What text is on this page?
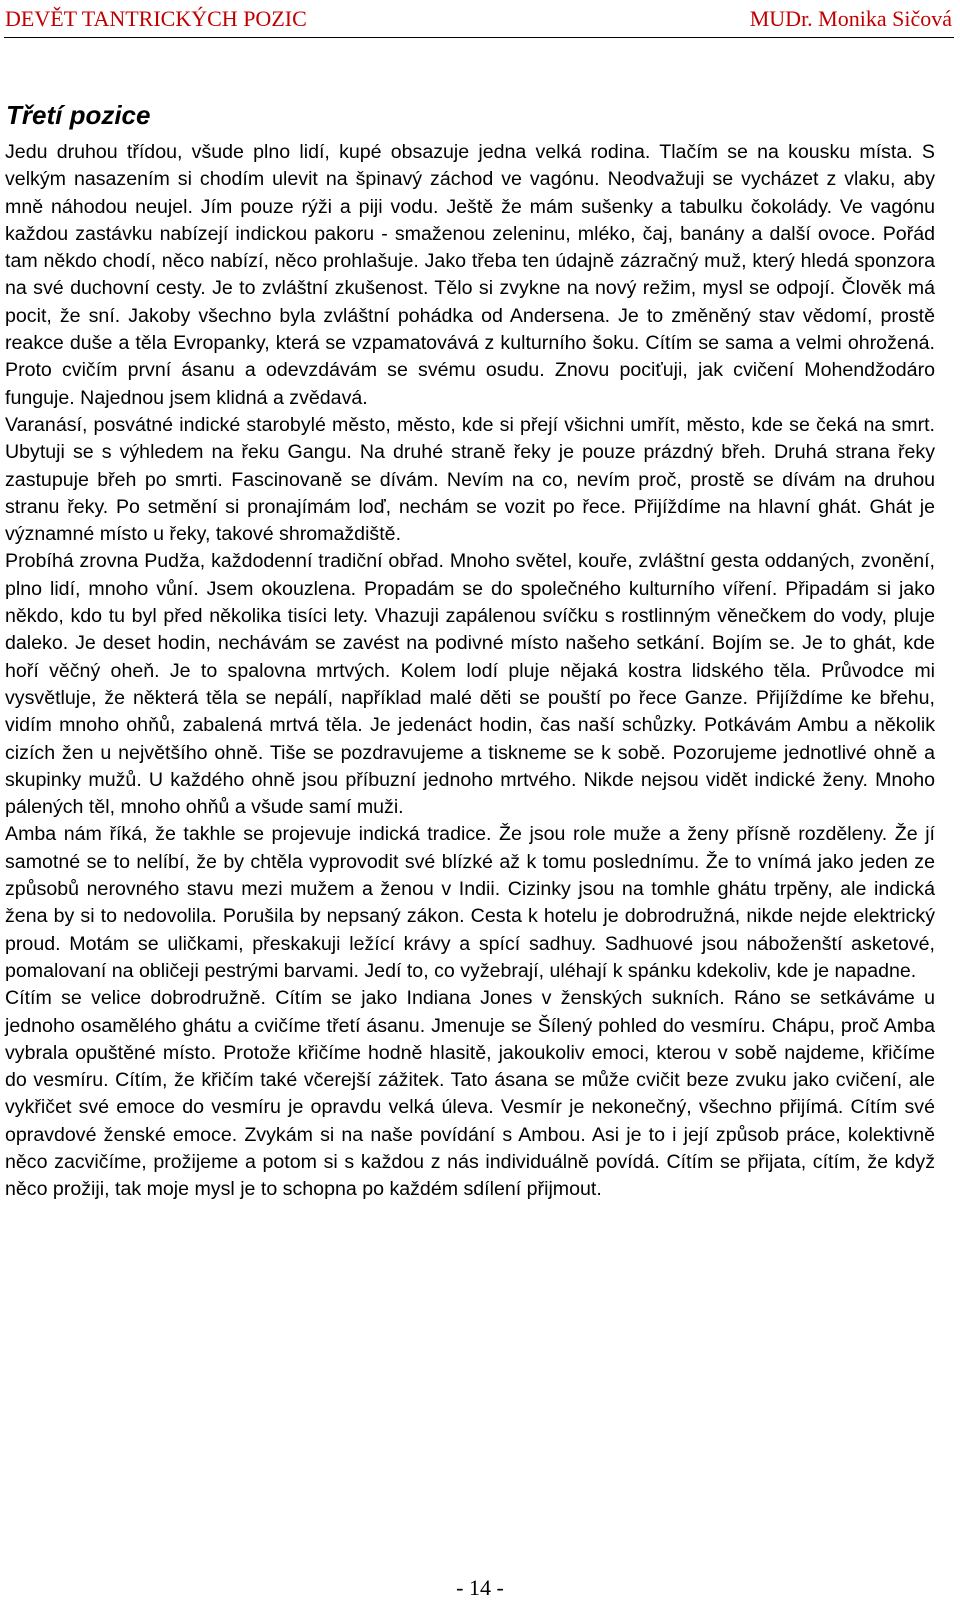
DEVĚT TANTRICKÝCH POZIC	MUDr. Monika Sičová
Třetí pozice

Jedu druhou třídou, všude plno lidí, kupé obsazuje jedna velká rodina. Tlačím se na kousku místa. S velkým nasazením si chodím ulevit na špinavý záchod ve vagónu. Neodvažuji se vycházet z vlaku, aby mně náhodou neujel. Jím pouze rýži a piji vodu. Ještě že mám sušenky a tabulku čokolády. Ve vagónu každou zastávku nabízejí indickou pakoru - smaženou zeleninu, mléko, čaj, banány a další ovoce. Pořád tam někdo chodí, něco nabízí, něco prohlašuje. Jako třeba ten údajně zázračný muž, který hledá sponzora na své duchovní cesty. Je to zvláštní zkušenost. Tělo si zvykne na nový režim, mysl se odpojí. Člověk má pocit, že sní. Jakoby všechno byla zvláštní pohádka od Andersena. Je to změněný stav vědomí, prostě reakce duše a těla Evropanky, která se vzpamatovává z kulturního šoku. Cítím se sama a velmi ohrožená. Proto cvičím první ásanu a odevzdávám se svému osudu. Znovu pociťuji, jak cvičení Mohendžodáro funguje. Najednou jsem klidná a zvědavá.

Varanásí, posvátné indické starobylé město, město, kde si přejí všichni umřít, město, kde se čeká na smrt. Ubytuji se s výhledem na řeku Gangu. Na druhé straně řeky je pouze prázdný břeh. Druhá strana řeky zastupuje břeh po smrti. Fascinovaně se dívám. Nevím na co, nevím proč, prostě se dívám na druhou stranu řeky. Po setmění si pronajímám loď, nechám se vozit po řece. Přijíždíme na hlavní ghát. Ghát je významné místo u řeky, takové shromaždiště.

Probíhá zrovna Pudža, každodenní tradiční obřad. Mnoho světel, kouře, zvláštní gesta oddaných, zvonění, plno lidí, mnoho vůní. Jsem okouzlena. Propadám se do společného kulturního víření. Připadám si jako někdo, kdo tu byl před několika tisíci lety. Vhazuji zapálenou svíčku s rostlinným věnečkem do vody, pluje daleko. Je deset hodin, nechávám se zavést na podivné místo našeho setkání. Bojím se. Je to ghát, kde hoří věčný oheň. Je to spalovna mrtvých. Kolem lodí pluje nějaká kostra lidského těla. Průvodce mi vysvětluje, že některá těla se nepálí, například malé děti se pouští po řece Ganze. Přijíždíme ke břehu, vidím mnoho ohňů, zabalená mrtvá těla. Je jedenáct hodin, čas naší schůzky. Potkávám Ambu a několik cizích žen u největšího ohně. Tiše se pozdravujeme a tiskneme se k sobě. Pozorujeme jednotlivé ohně a skupinky mužů. U každého ohně jsou příbuzní jednoho mrtvého. Nikde nejsou vidět indické ženy. Mnoho pálených těl, mnoho ohňů a všude samí muži.

Amba nám říká, že takhle se projevuje indická tradice. Že jsou role muže a ženy přísně rozděleny. Že jí samotné se to nelíbí, že by chtěla vyprovodit své blízké až k tomu poslednímu. Že to vnímá jako jeden ze způsobů nerovného stavu mezi mužem a ženou v Indii. Cizinky jsou na tomhle ghátu trpěny, ale indická žena by si to nedovolila. Porušila by nepsaný zákon. Cesta k hotelu je dobrodružná, nikde nejde elektrický proud. Motám se uličkami, přeskakuji ležící krávy a spící sadhuy. Sadhuové jsou náboženští asketové, pomalovaní na obličeji pestrými barvami. Jedí to, co vyžebrají, uléhají k spánku kdekoliv, kde je napadne.

Cítím se velice dobrodružně. Cítím se jako Indiana Jones v ženských sukních. Ráno se setkáváme u jednoho osamělého ghátu a cvičíme třetí ásanu. Jmenuje se Šílený pohled do vesmíru. Chápu, proč Amba vybrala opuštěné místo. Protože křičíme hodně hlasitě, jakoukoliv emoci, kterou v sobě najdeme, křičíme do vesmíru. Cítím, že křičím také včerejší zážitek. Tato ásana se může cvičit beze zvuku jako cvičení, ale vykřičet své emoce do vesmíru je opravdu velká úleva. Vesmír je nekonečný, všechno přijímá. Cítím své opravdové ženské emoce. Zvykám si na naše povídání s Ambou. Asi je to i její způsob práce, kolektivně něco zacvičíme, prožijeme a potom si s každou z nás individuálně povídá. Cítím se přijata, cítím, že když něco prožiji, tak moje mysl je to schopna po každém sdílení přijmout.

- 14 -
